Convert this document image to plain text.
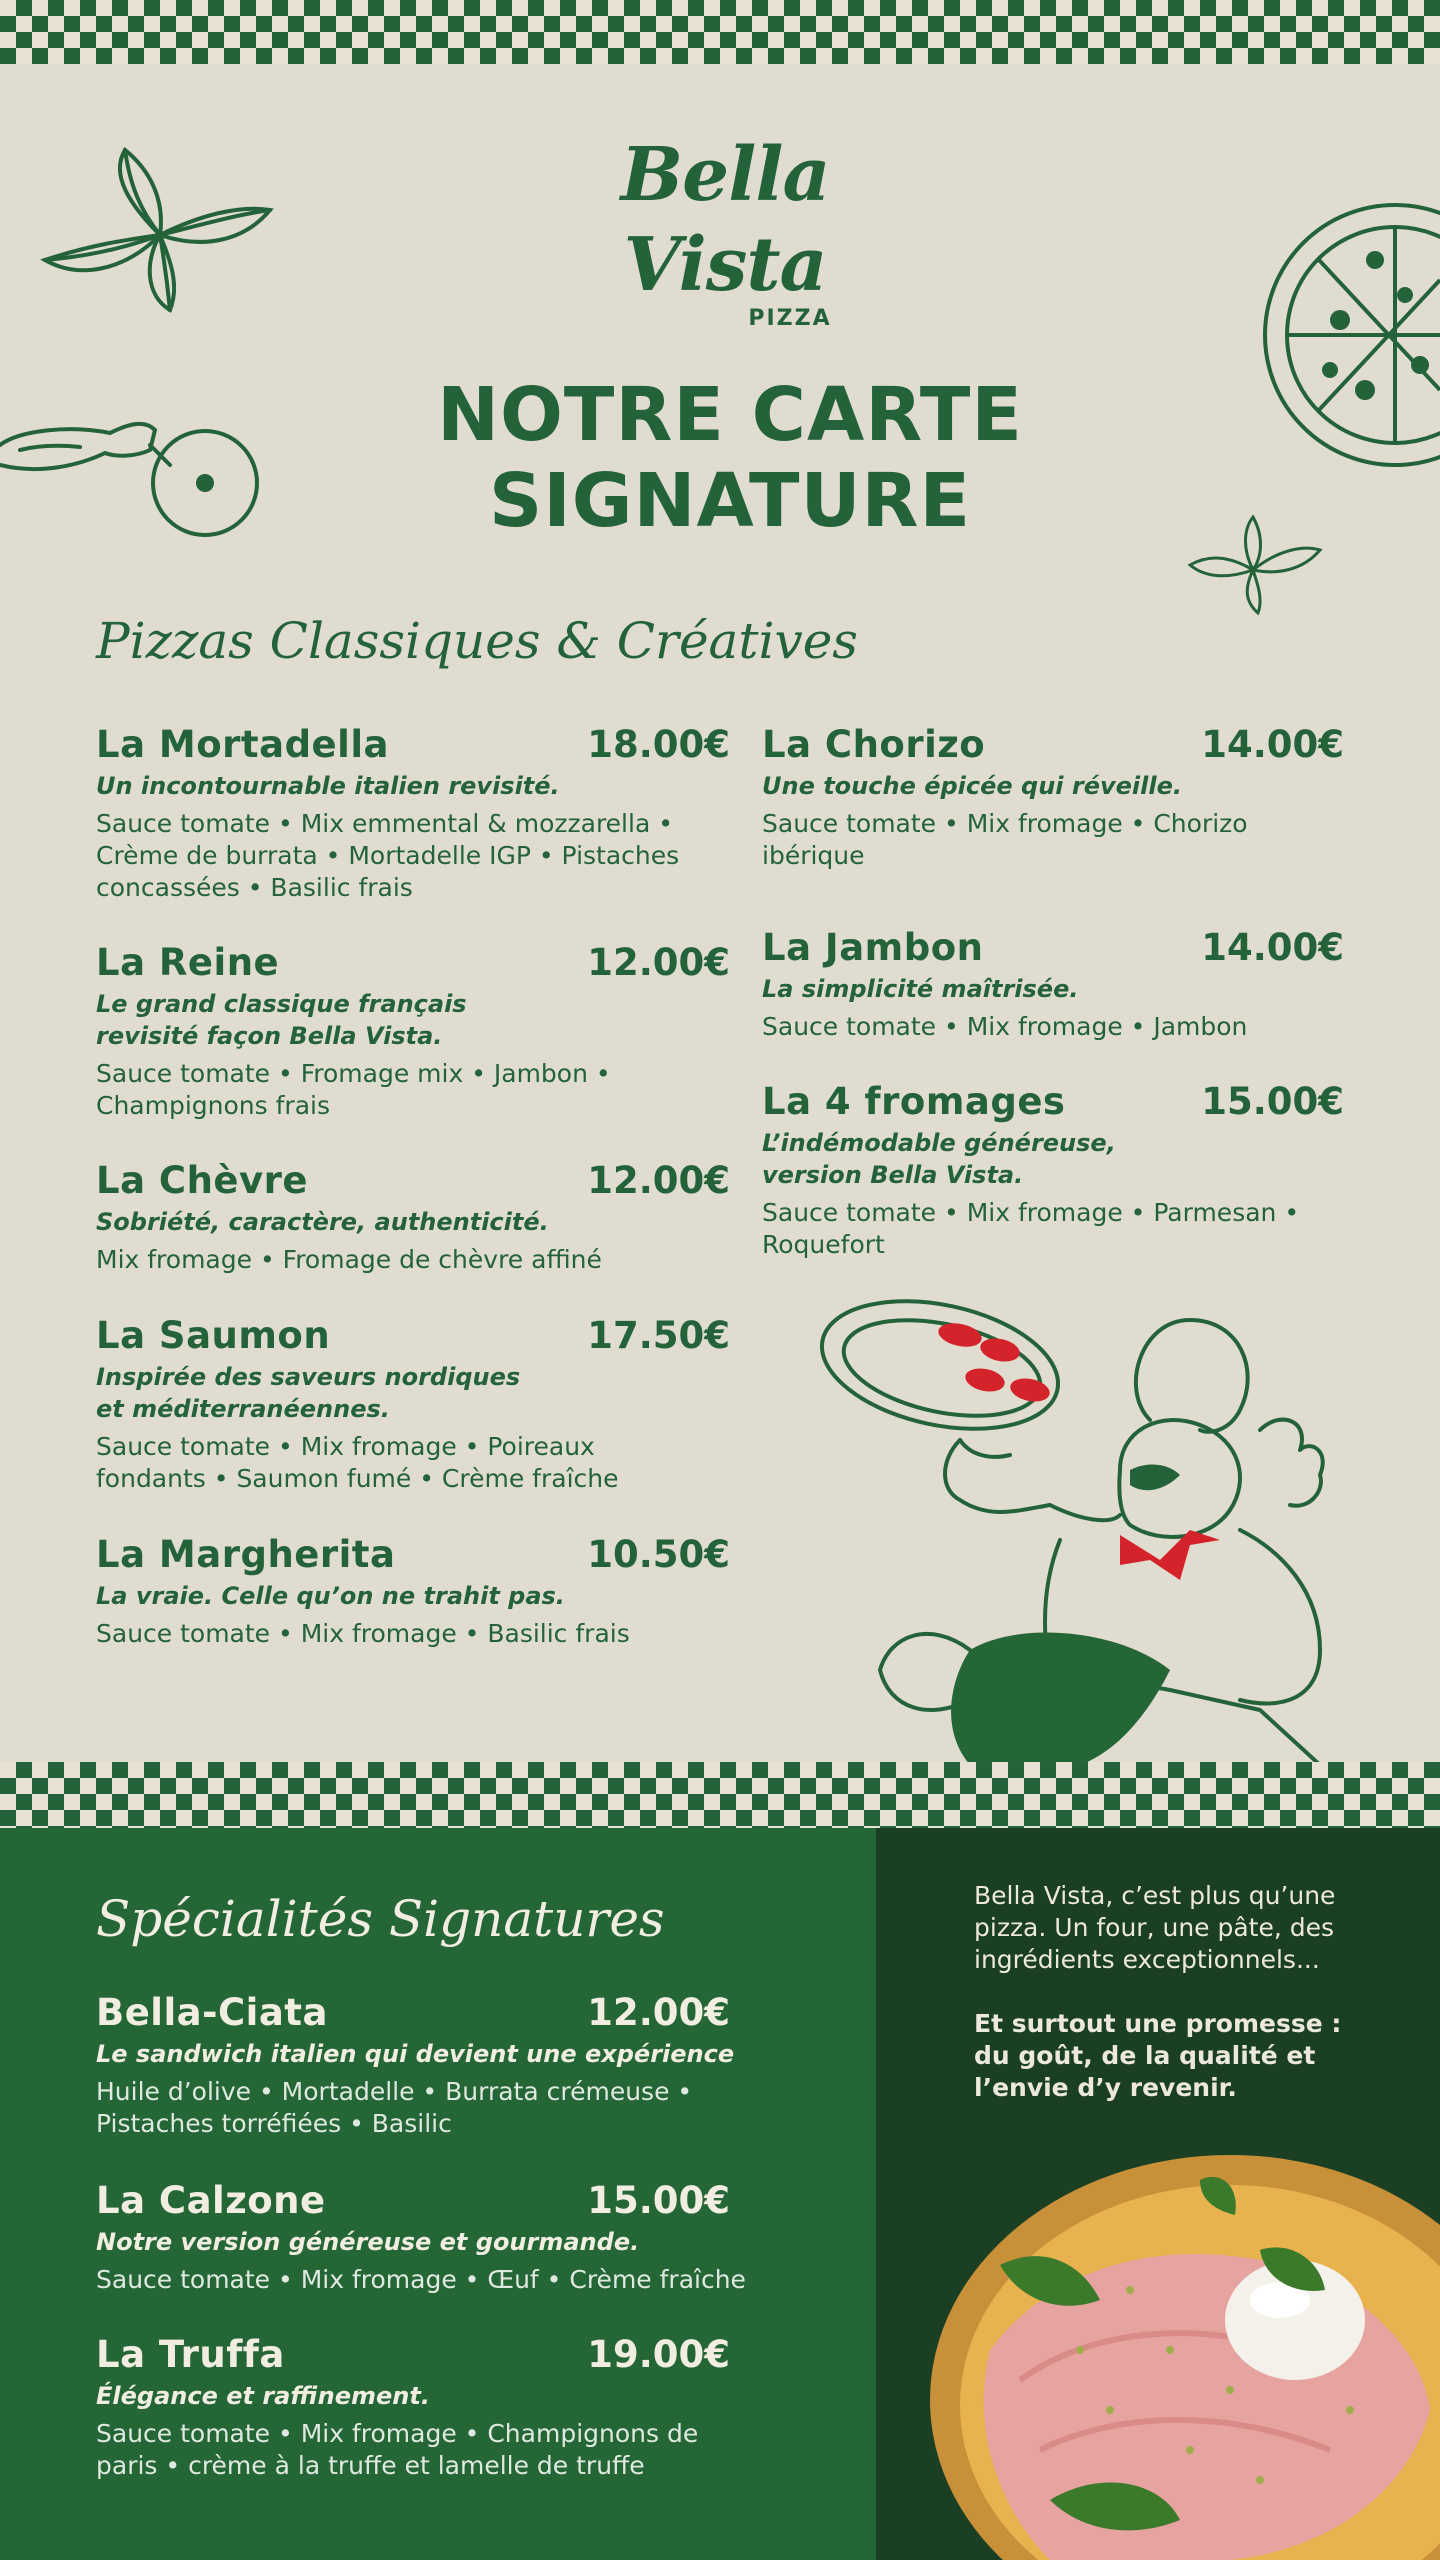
Bella Vista
PIZZA
NOTRE CARTE
SIGNATURE
Pizzas Classiques & Créatives
La Mortadella	18.00€
Un incontournable italien revisité.
Sauce tomate • Mix emmental & mozzarella • Crème de burrata • Mortadelle IGP • Pistaches concassées • Basilic frais
La Reine	12.00€
Le grand classique français revisité façon Bella Vista.
Sauce tomate • Fromage mix • Jambon • Champignons frais
La Chèvre	12.00€
Sobriété, caractère, authenticité.
Mix fromage • Fromage de chèvre affiné
La Saumon	17.50€
Inspirée des saveurs nordiques et méditerranéennes.
Sauce tomate • Mix fromage • Poireaux fondants • Saumon fumé • Crème fraîche
La Margherita	10.50€
La vraie. Celle qu’on ne trahit pas.
Sauce tomate • Mix fromage • Basilic frais
La Chorizo	14.00€
Une touche épicée qui réveille.
Sauce tomate • Mix fromage • Chorizo ibérique
La Jambon	14.00€
La simplicité maîtrisée.
Sauce tomate • Mix fromage • Jambon
La 4 fromages	15.00€
L’indémodable généreuse, version Bella Vista.
Sauce tomate • Mix fromage • Parmesan • Roquefort
Spécialités Signatures
Bella-Ciata	12.00€
Le sandwich italien qui devient une expérience
Huile d’olive • Mortadelle • Burrata crémeuse • Pistaches torréfiées • Basilic
La Calzone	15.00€
Notre version généreuse et gourmande.
Sauce tomate • Mix fromage • Œuf • Crème fraîche
La Truffa	19.00€
Élégance et raffinement.
Sauce tomate • Mix fromage • Champignons de paris • crème à la truffe et lamelle de truffe
Bella Vista, c’est plus qu’une pizza. Un four, une pâte, des ingrédients exceptionnels...
Et surtout une promesse : du goût, de la qualité et l’envie d’y revenir.
